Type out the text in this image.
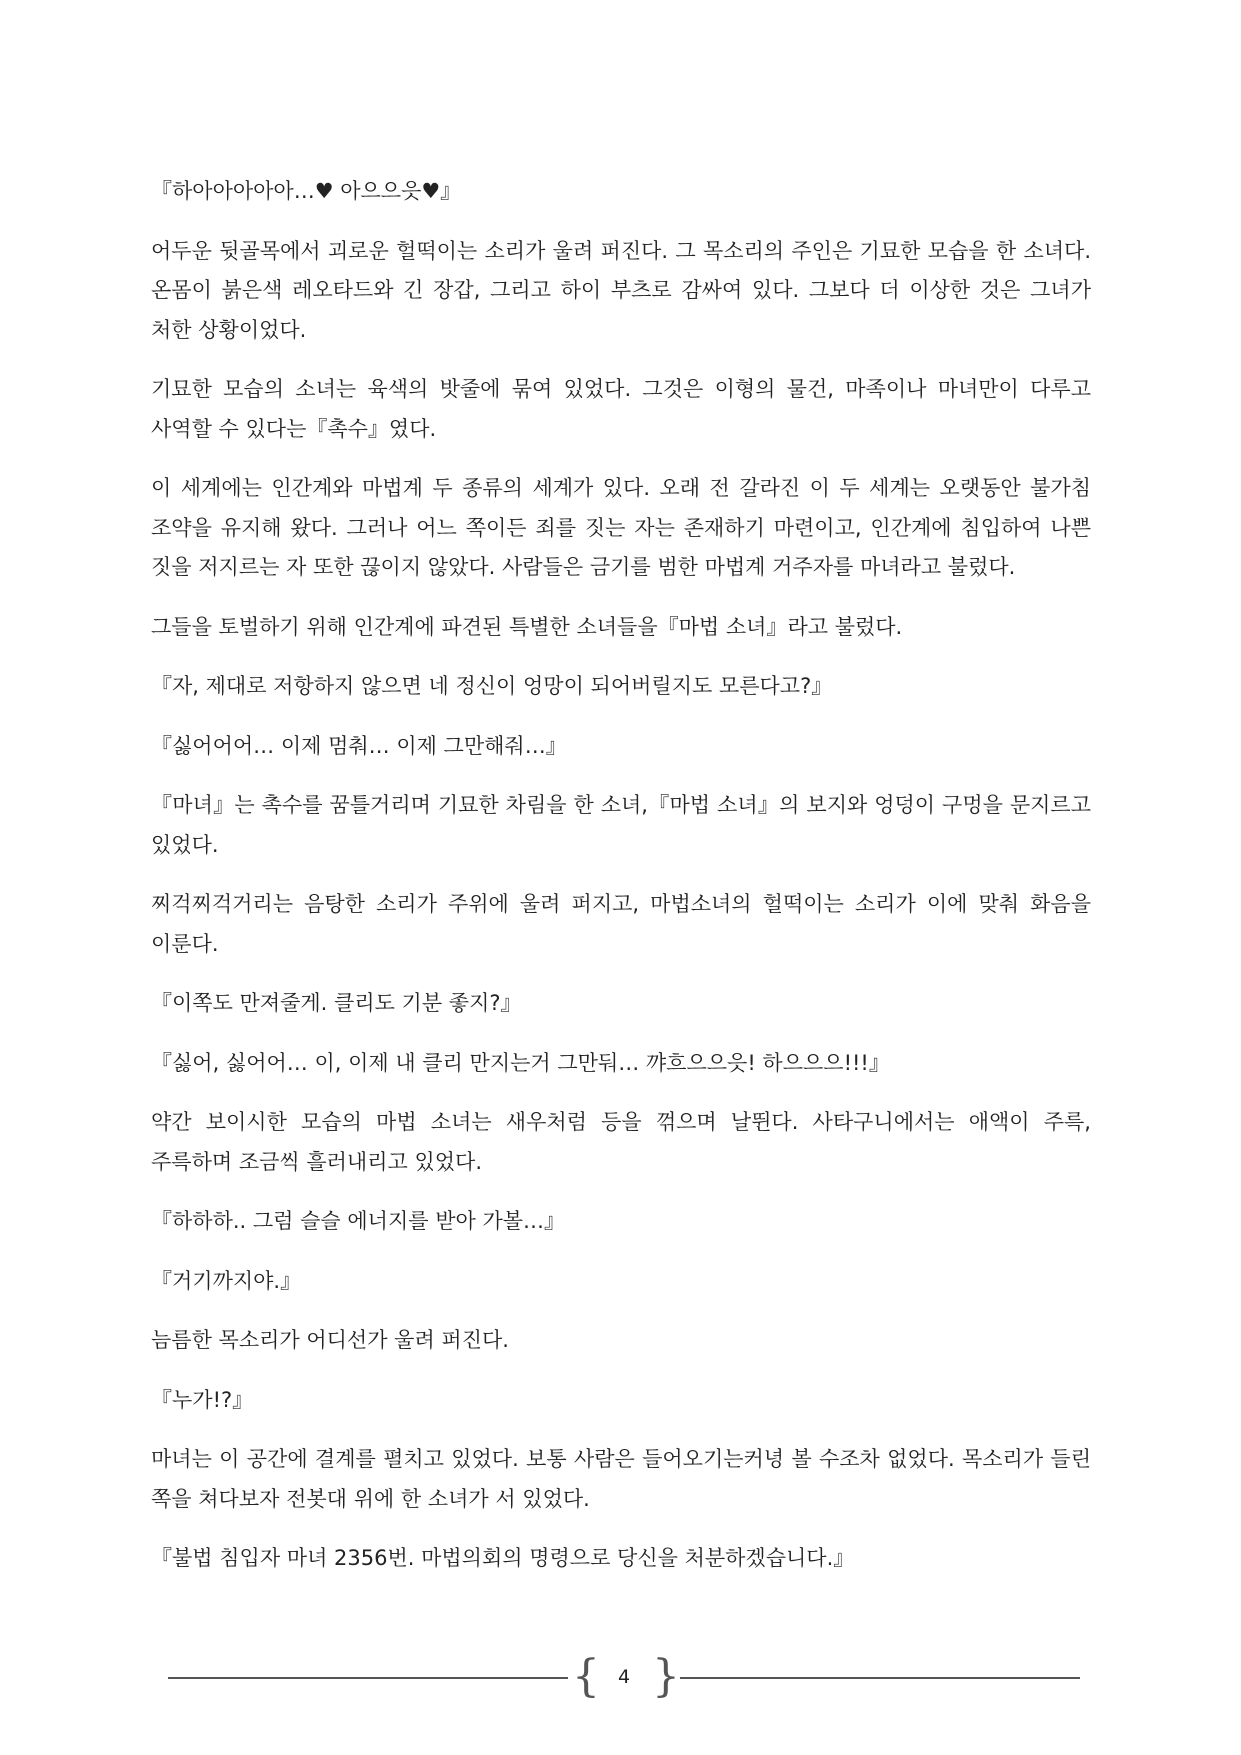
『하아아아아아…♥ 아으으읏♥』

어두운 뒷골목에서 괴로운 헐떡이는 소리가 울려 퍼진다. 그 목소리의 주인은 기묘한 모습을 한 소녀다. 온몸이 붉은색 레오타드와 긴 장갑, 그리고 하이 부츠로 감싸여 있다. 그보다 더 이상한 것은 그녀가 처한 상황이었다.

기묘한 모습의 소녀는 육색의 밧줄에 묶여 있었다. 그것은 이형의 물건, 마족이나 마녀만이 다루고 사역할 수 있다는『촉수』였다.

이 세계에는 인간계와 마법계 두 종류의 세계가 있다. 오래 전 갈라진 이 두 세계는 오랫동안 불가침 조약을 유지해 왔다. 그러나 어느 쪽이든 죄를 짓는 자는 존재하기 마련이고, 인간계에 침입하여 나쁜 짓을 저지르는 자 또한 끊이지 않았다. 사람들은 금기를 범한 마법계 거주자를 마녀라고 불렀다.

그들을 토벌하기 위해 인간계에 파견된 특별한 소녀들을『마법 소녀』라고 불렀다.

『자, 제대로 저항하지 않으면 네 정신이 엉망이 되어버릴지도 모른다고?』

『싫어어어… 이제 멈춰… 이제 그만해줘…』

『마녀』는 촉수를 꿈틀거리며 기묘한 차림을 한 소녀,『마법 소녀』의 보지와 엉덩이 구멍을 문지르고 있었다.

찌걱찌걱거리는 음탕한 소리가 주위에 울려 퍼지고, 마법소녀의 헐떡이는 소리가 이에 맞춰 화음을 이룬다.

『이쪽도 만져줄게. 클리도 기분 좋지?』

『싫어, 싫어어… 이, 이제 내 클리 만지는거 그만둬… 꺄흐으으읏! 하으으으!!!』

약간 보이시한 모습의 마법 소녀는 새우처럼 등을 꺾으며 날뛴다. 사타구니에서는 애액이 주륵, 주륵하며 조금씩 흘러내리고 있었다.

『하하하.. 그럼 슬슬 에너지를 받아 가볼…』

『거기까지야.』

늠름한 목소리가 어디선가 울려 퍼진다.

『누가!?』

마녀는 이 공간에 결계를 펼치고 있었다. 보통 사람은 들어오기는커녕 볼 수조차 없었다. 목소리가 들린 쪽을 쳐다보자 전봇대 위에 한 소녀가 서 있었다.

『불법 침입자 마녀 2356번. 마법의회의 명령으로 당신을 처분하겠습니다.』

{ 4 }
